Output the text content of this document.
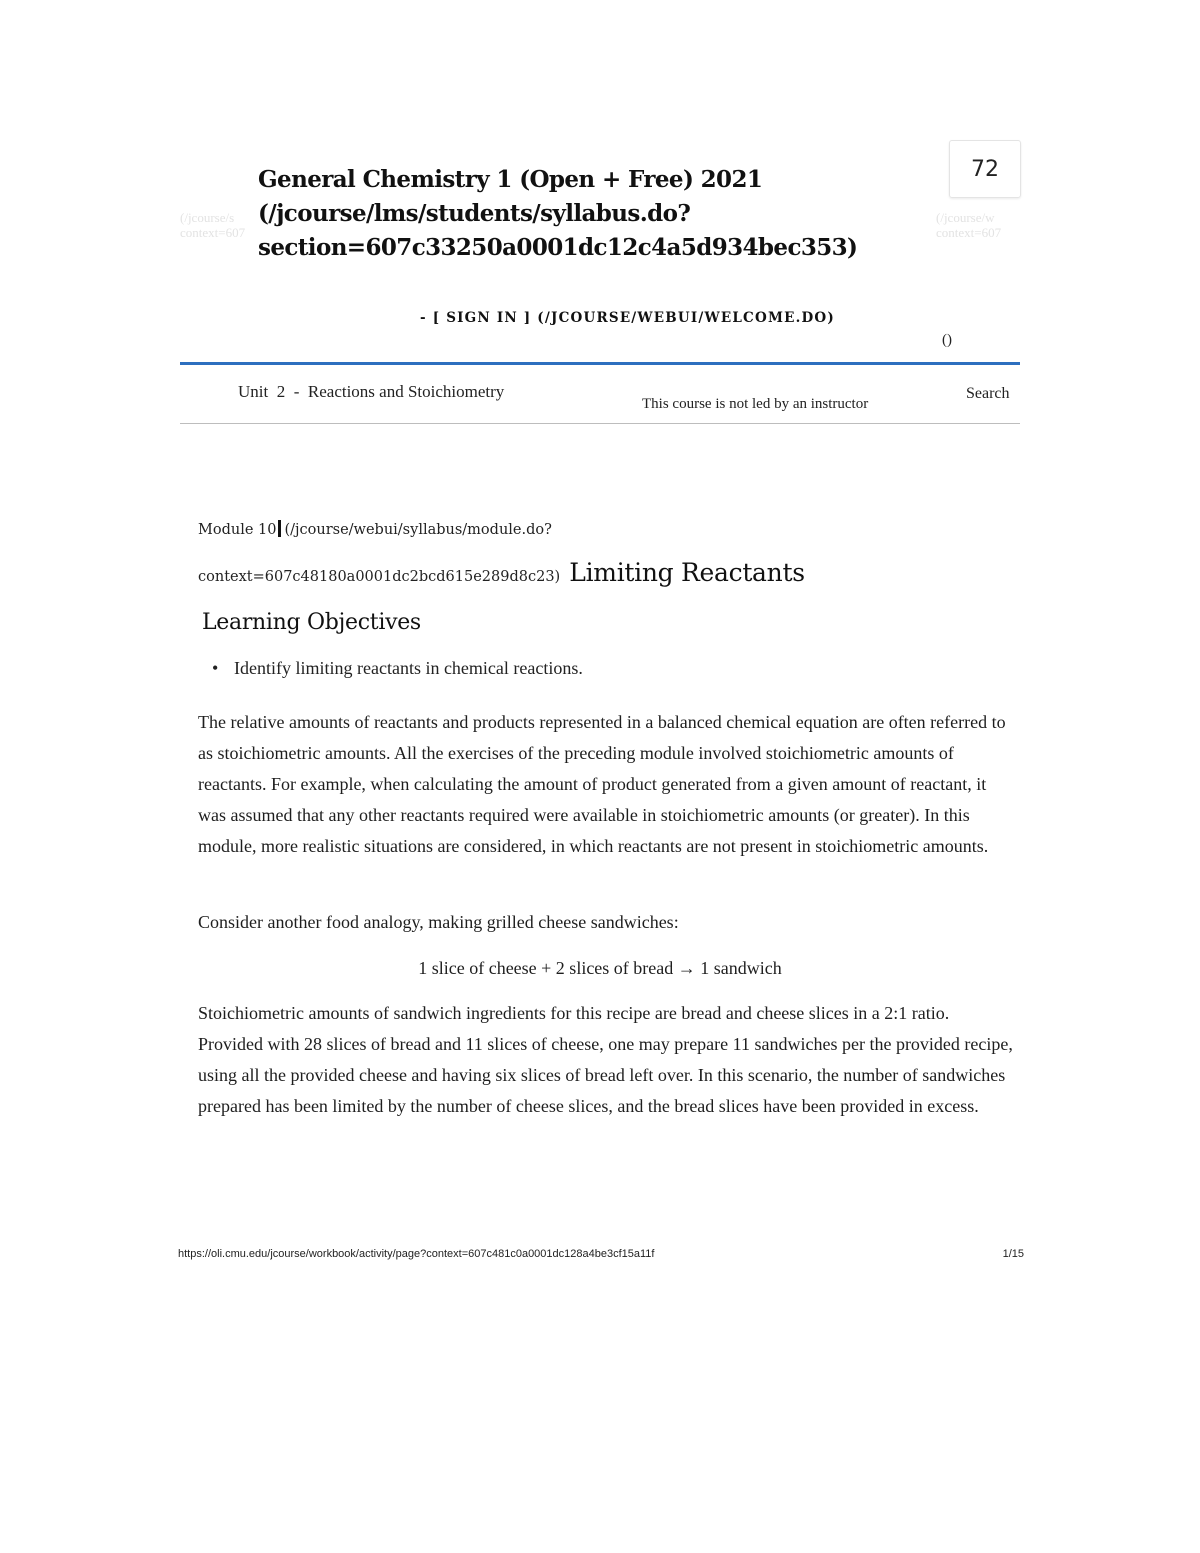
(/jcourse/s
context=607
General Chemistry 1 (Open + Free) 2021
(/jcourse/lms/students/syllabus.do?
section=607c33250a0001dc12c4a5d934bec353)
(/jcourse/w
context=607
72
- [ SIGN IN ] (/JCOURSE/WEBUI/WELCOME.DO)
()
Unit  2  -  Reactions and Stoichiometry
This course is not led by an instructor
Search
Module 10 (/jcourse/webui/syllabus/module.do?
context=607c48180a0001dc2bcd615e289d8c23) Limiting Reactants
Learning Objectives
• Identify limiting reactants in chemical reactions.
The relative amounts of reactants and products represented in a balanced chemical equation are often referred to as stoichiometric amounts. All the exercises of the preceding module involved stoichiometric amounts of reactants. For example, when calculating the amount of product generated from a given amount of reactant, it was assumed that any other reactants required were available in stoichiometric amounts (or greater). In this module, more realistic situations are considered, in which reactants are not present in stoichiometric amounts.
Consider another food analogy, making grilled cheese sandwiches:
1 slice of cheese + 2 slices of bread → 1 sandwich
Stoichiometric amounts of sandwich ingredients for this recipe are bread and cheese slices in a 2:1 ratio. Provided with 28 slices of bread and 11 slices of cheese, one may prepare 11 sandwiches per the provided recipe, using all the provided cheese and having six slices of bread left over. In this scenario, the number of sandwiches prepared has been limited by the number of cheese slices, and the bread slices have been provided in excess.
https://oli.cmu.edu/jcourse/workbook/activity/page?context=607c481c0a0001dc128a4be3cf15a11f	1/15
